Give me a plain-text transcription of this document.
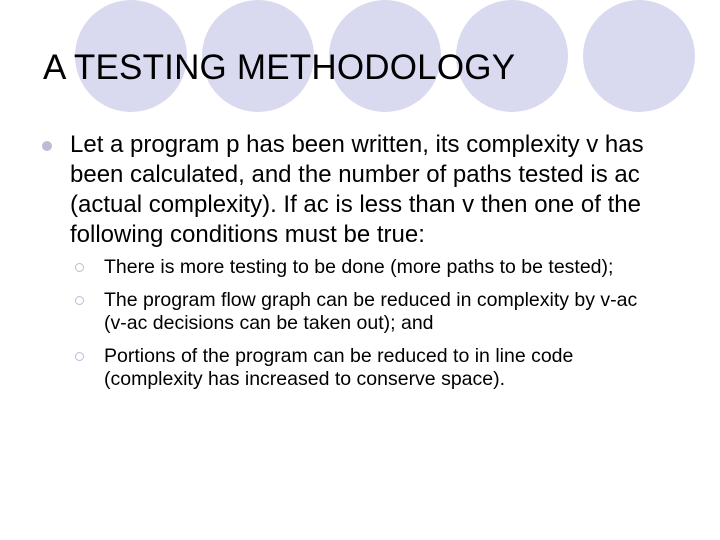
A TESTING METHODOLOGY
Let a program p has been written, its complexity v has been calculated, and the number of paths tested is ac (actual complexity). If ac is less than v then one of the following conditions must be true:
There is more testing to be done (more paths to be tested);
The program flow graph can be reduced in complexity by v-ac (v-ac decisions can be taken out); and
Portions of the program can be reduced to in line code (complexity has increased to conserve space).
